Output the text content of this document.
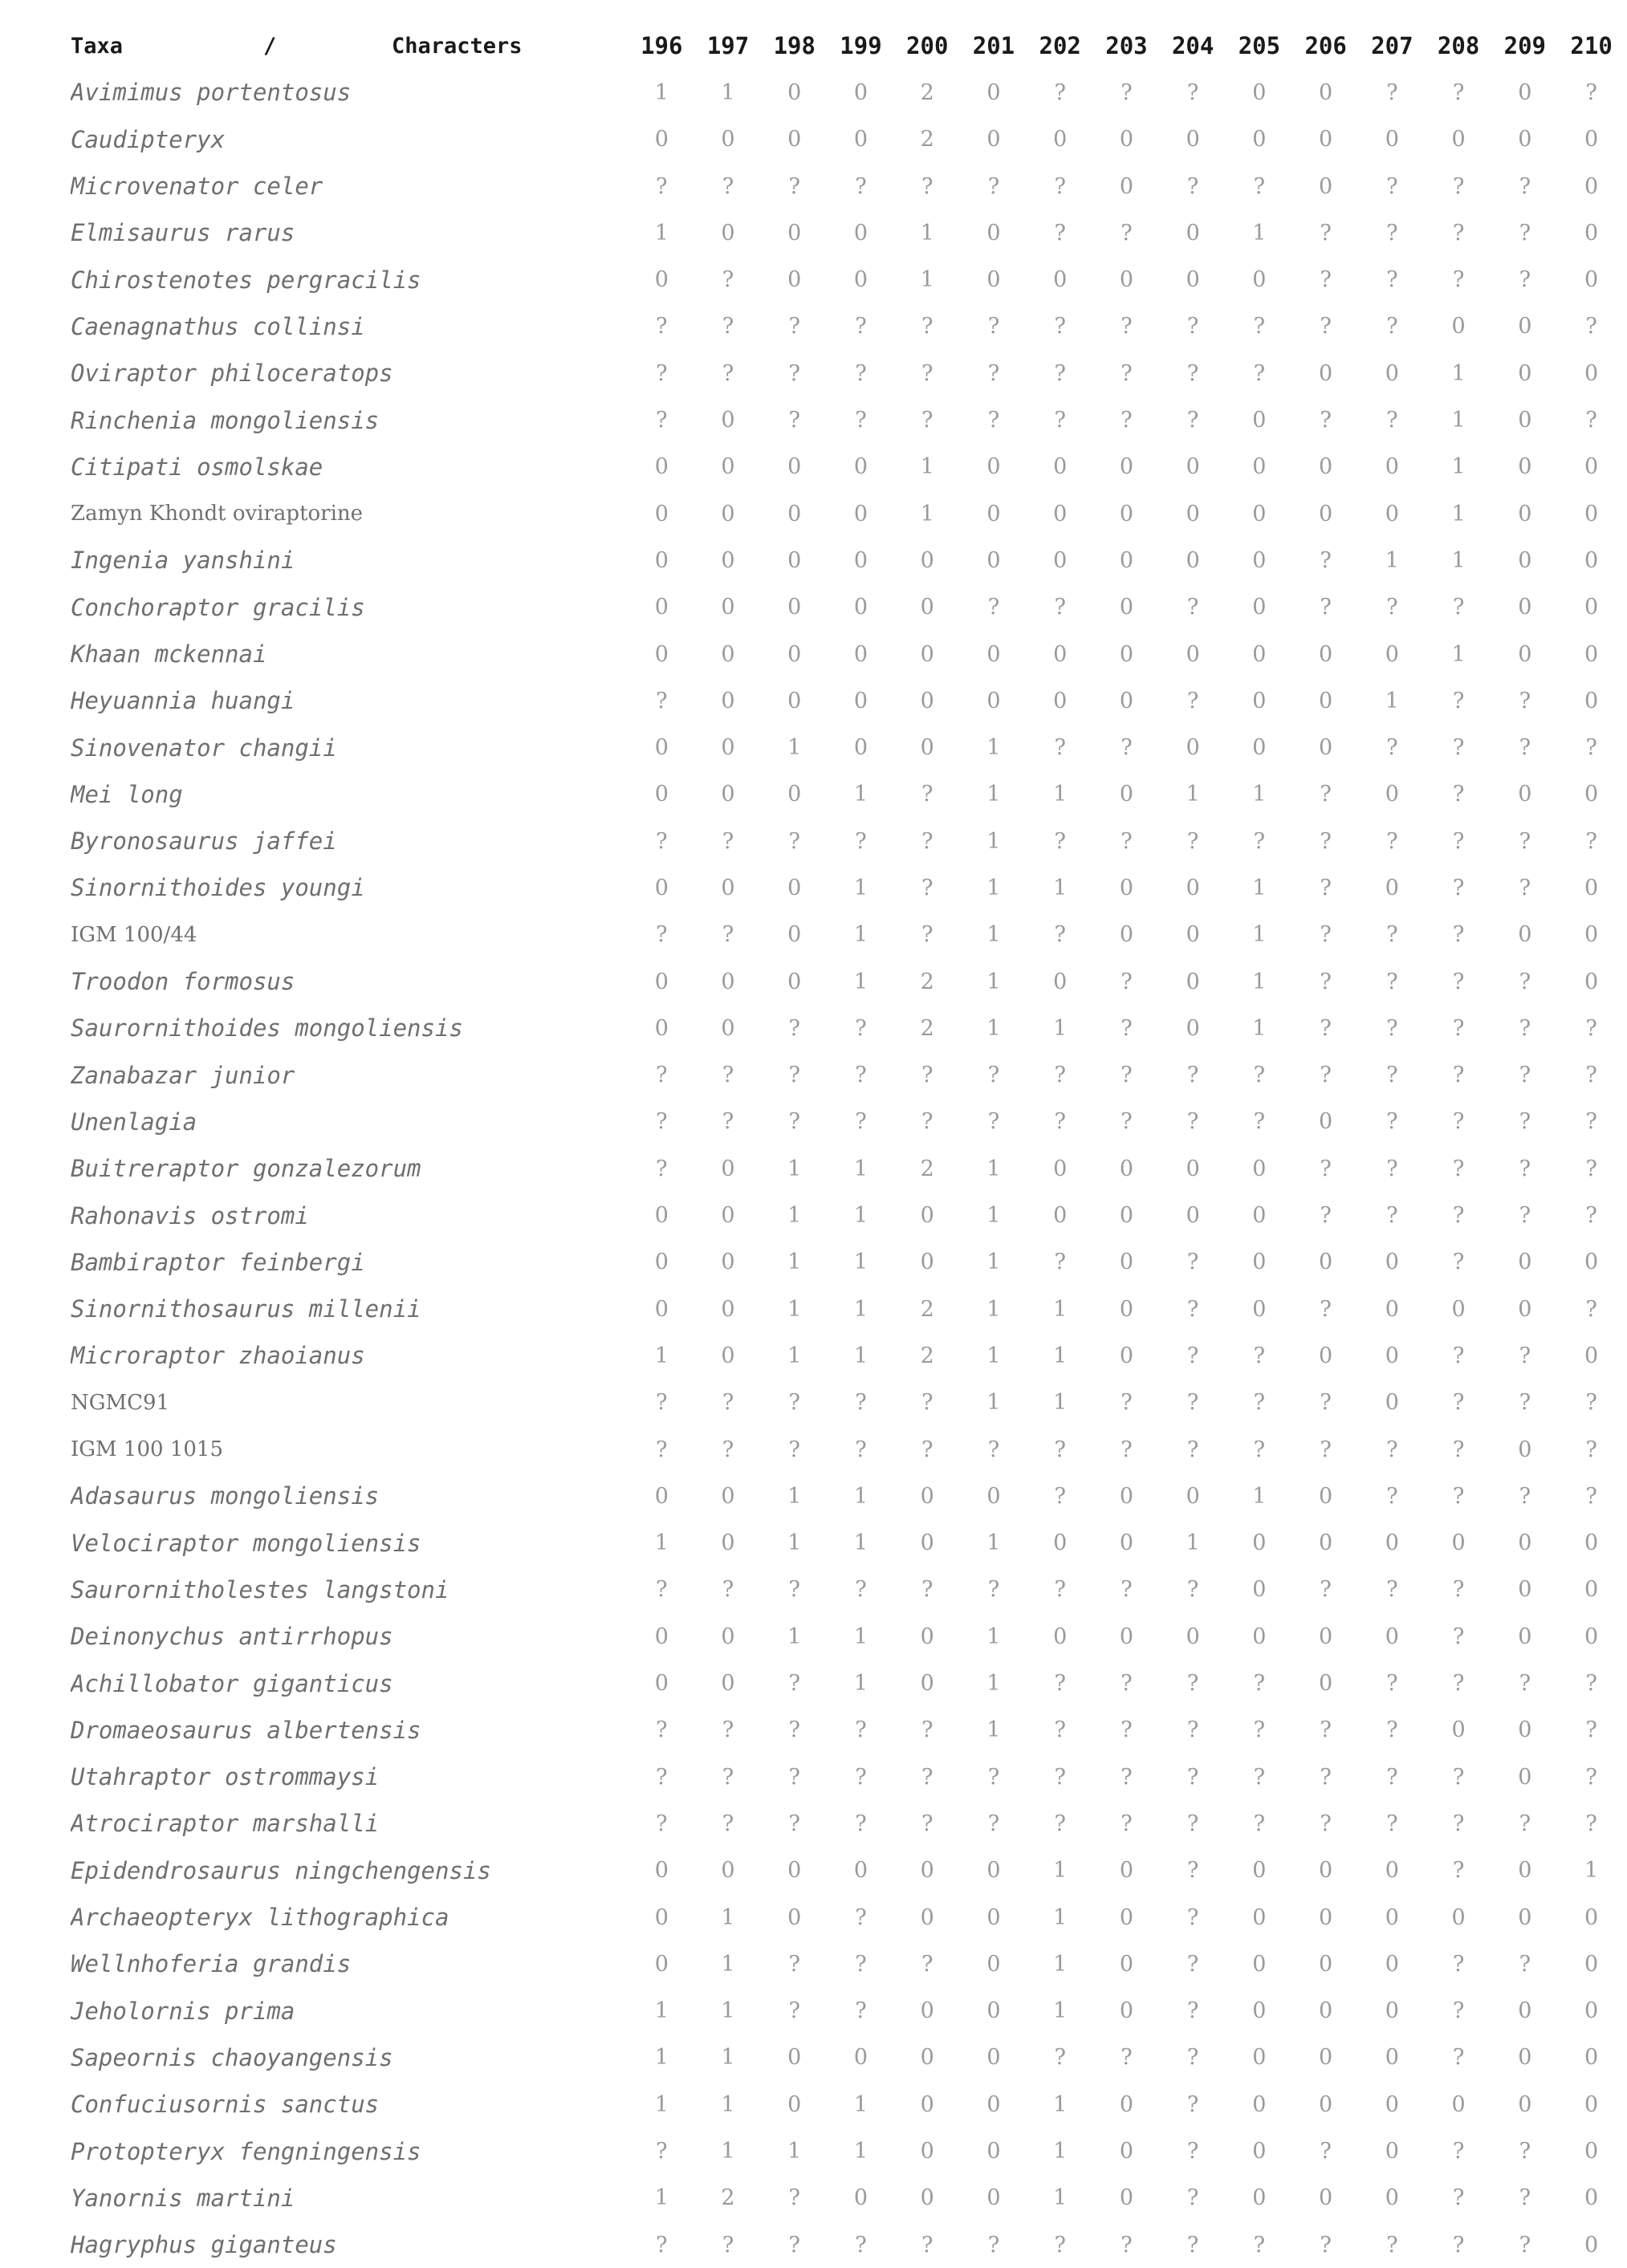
Taxa / Characters	196	197	198	199	200	201	202	203	204	205	206	207	208	209	210
Avimimus portentosus	1	1	0	0	2	0	?	?	?	0	0	?	?	0	?
Caudipteryx	0	0	0	0	2	0	0	0	0	0	0	0	0	0	0
Microvenator celer	?	?	?	?	?	?	?	0	?	?	0	?	?	?	0
Elmisaurus rarus	1	0	0	0	1	0	?	?	0	1	?	?	?	?	0
Chirostenotes pergracilis	0	?	0	0	1	0	0	0	0	0	?	?	?	?	0
Caenagnathus collinsi	?	?	?	?	?	?	?	?	?	?	?	?	0	0	?
Oviraptor philoceratops	?	?	?	?	?	?	?	?	?	?	0	0	1	0	0
Rinchenia mongoliensis	?	0	?	?	?	?	?	?	?	0	?	?	1	0	?
Citipati osmolskae	0	0	0	0	1	0	0	0	0	0	0	0	1	0	0
Zamyn Khondt oviraptorine	0	0	0	0	1	0	0	0	0	0	0	0	1	0	0
Ingenia yanshini	0	0	0	0	0	0	0	0	0	0	?	1	1	0	0
Conchoraptor gracilis	0	0	0	0	0	?	?	0	?	0	?	?	?	0	0
Khaan mckennai	0	0	0	0	0	0	0	0	0	0	0	0	1	0	0
Heyuannia huangi	?	0	0	0	0	0	0	0	?	0	0	1	?	?	0
Sinovenator changii	0	0	1	0	0	1	?	?	0	0	0	?	?	?	?
Mei long	0	0	0	1	?	1	1	0	1	1	?	0	?	0	0
Byronosaurus jaffei	?	?	?	?	?	1	?	?	?	?	?	?	?	?	?
Sinornithoides youngi	0	0	0	1	?	1	1	0	0	1	?	0	?	?	0
IGM 100/44	?	?	0	1	?	1	?	0	0	1	?	?	?	0	0
Troodon formosus	0	0	0	1	2	1	0	?	0	1	?	?	?	?	0
Saurornithoides mongoliensis	0	0	?	?	2	1	1	?	0	1	?	?	?	?	?
Zanabazar junior	?	?	?	?	?	?	?	?	?	?	?	?	?	?	?
Unenlagia	?	?	?	?	?	?	?	?	?	?	0	?	?	?	?
Buitreraptor gonzalezorum	?	0	1	1	2	1	0	0	0	0	?	?	?	?	?
Rahonavis ostromi	0	0	1	1	0	1	0	0	0	0	?	?	?	?	?
Bambiraptor feinbergi	0	0	1	1	0	1	?	0	?	0	0	0	?	0	0
Sinornithosaurus millenii	0	0	1	1	2	1	1	0	?	0	?	0	0	0	?
Microraptor zhaoianus	1	0	1	1	2	1	1	0	?	?	0	0	?	?	0
NGMC91	?	?	?	?	?	1	1	?	?	?	?	0	?	?	?
IGM 100 1015	?	?	?	?	?	?	?	?	?	?	?	?	?	0	?
Adasaurus mongoliensis	0	0	1	1	0	0	?	0	0	1	0	?	?	?	?
Velociraptor mongoliensis	1	0	1	1	0	1	0	0	1	0	0	0	0	0	0
Saurornitholestes langstoni	?	?	?	?	?	?	?	?	?	0	?	?	?	0	0
Deinonychus antirrhopus	0	0	1	1	0	1	0	0	0	0	0	0	?	0	0
Achillobator giganticus	0	0	?	1	0	1	?	?	?	?	0	?	?	?	?
Dromaeosaurus albertensis	?	?	?	?	?	1	?	?	?	?	?	?	0	0	?
Utahraptor ostrommaysi	?	?	?	?	?	?	?	?	?	?	?	?	?	0	?
Atrociraptor marshalli	?	?	?	?	?	?	?	?	?	?	?	?	?	?	?
Epidendrosaurus ningchengensis	0	0	0	0	0	0	1	0	?	0	0	0	?	0	1
Archaeopteryx lithographica	0	1	0	?	0	0	1	0	?	0	0	0	0	0	0
Wellnhoferia grandis	0	1	?	?	?	0	1	0	?	0	0	0	?	?	0
Jeholornis prima	1	1	?	?	0	0	1	0	?	0	0	0	?	0	0
Sapeornis chaoyangensis	1	1	0	0	0	0	?	?	?	0	0	0	?	0	0
Confuciusornis sanctus	1	1	0	1	0	0	1	0	?	0	0	0	0	0	0
Protopteryx fengningensis	?	1	1	1	0	0	1	0	?	0	?	0	?	?	0
Yanornis martini	1	2	?	0	0	0	1	0	?	0	0	0	?	?	0
Hagryphus giganteus	?	?	?	?	?	?	?	?	?	?	?	?	?	?	0
